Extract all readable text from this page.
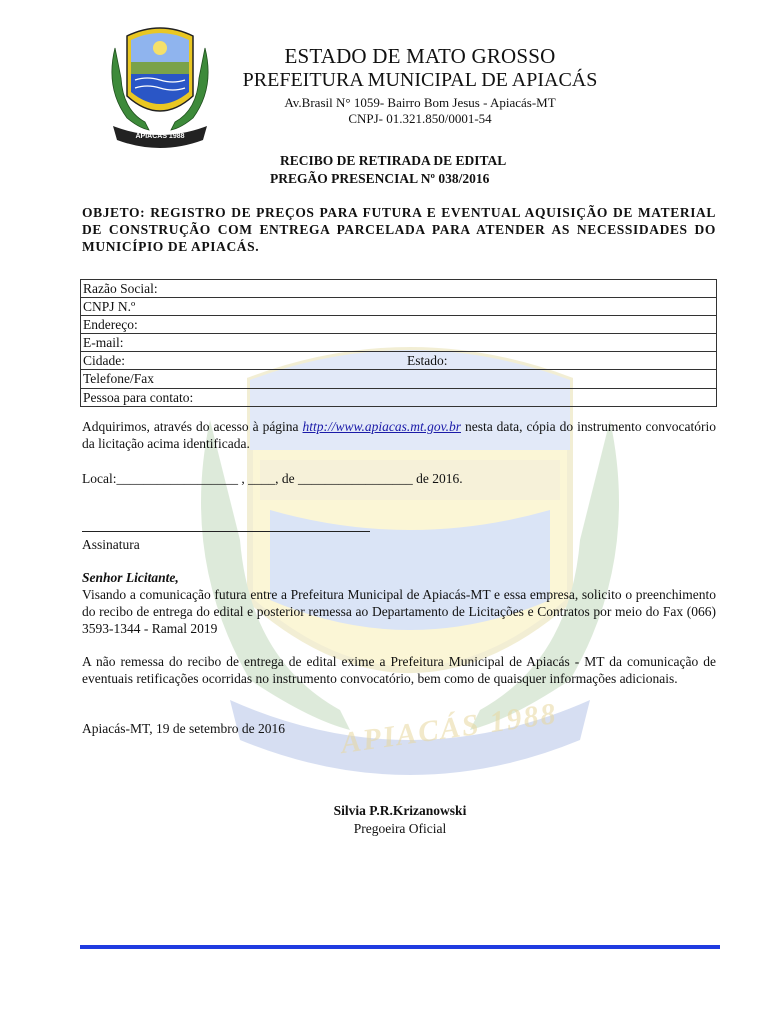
APIACÁS 1988
APIACÁS 1988
ESTADO DE MATO GROSSO
PREFEITURA MUNICIPAL DE APIACÁS
Av.Brasil N° 1059- Bairro Bom Jesus - Apiacás-MT
CNPJ- 01.321.850/0001-54
RECIBO DE RETIRADA DE EDITAL
PREGÃO PRESENCIAL Nº 038/2016
OBJETO: REGISTRO DE PREÇOS PARA FUTURA E EVENTUAL AQUISIÇÃO DE MATERIAL DE CONSTRUÇÃO COM ENTREGA PARCELADA PARA ATENDER AS NECESSIDADES DO MUNICÍPIO DE APIACÁS.
Razão Social:
CNPJ N.º
Endereço:
E-mail:
Cidade:	Estado:
Telefone/Fax
Pessoa para contato:
Adquirimos, através do acesso à página http://www.apiacas.mt.gov.br nesta data, cópia do instrumento convocatório da licitação acima identificada.
Local:__________________ , ____, de _________________ de 2016.
Assinatura
Senhor Licitante,
Visando a comunicação futura entre a Prefeitura Municipal de Apiacás-MT e essa empresa, solicito o preenchimento do recibo de entrega do edital e posterior remessa ao Departamento de Licitações e Contratos por meio do Fax (066) 3593-1344 - Ramal 2019
A não remessa do recibo de entrega de edital exime a Prefeitura Municipal de Apiacás - MT da comunicação de eventuais retificações ocorridas no instrumento convocatório, bem como de quaisquer informações adicionais.
Apiacás-MT, 19 de setembro de 2016
Silvia P.R.Krizanowski
Pregoeira Oficial
